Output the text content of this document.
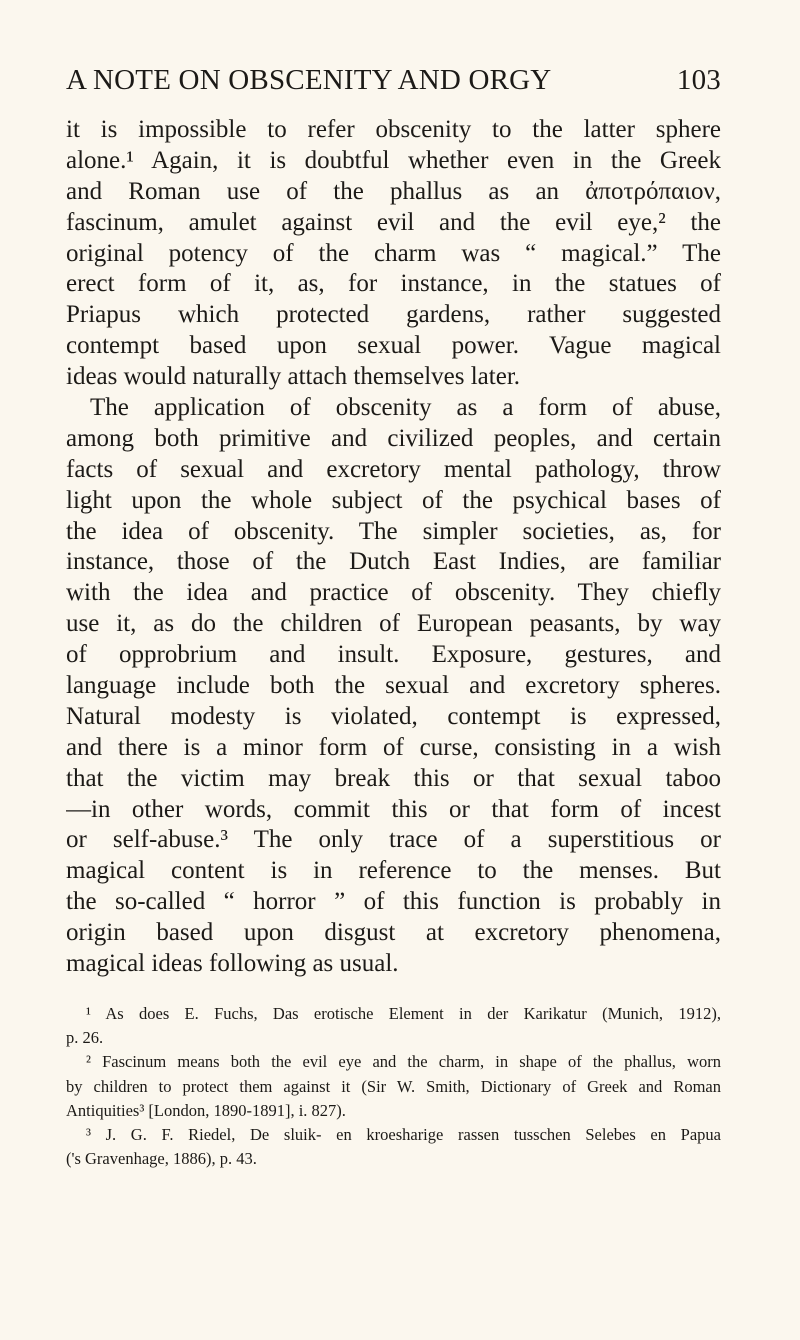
A NOTE ON OBSCENITY AND ORGY	103
it is impossible to refer obscenity to the latter sphere
alone.¹ Again, it is doubtful whether even in the Greek
and Roman use of the phallus as an ἀποτρόπαιον,
fascinum, amulet against evil and the evil eye,² the
original potency of the charm was “ magical.” The
erect form of it, as, for instance, in the statues of
Priapus which protected gardens, rather suggested
contempt based upon sexual power. Vague magical
ideas would naturally attach themselves later.
The application of obscenity as a form of abuse,
among both primitive and civilized peoples, and certain
facts of sexual and excretory mental pathology, throw
light upon the whole subject of the psychical bases of
the idea of obscenity. The simpler societies, as, for
instance, those of the Dutch East Indies, are familiar
with the idea and practice of obscenity. They chiefly
use it, as do the children of European peasants, by way
of opprobrium and insult. Exposure, gestures, and
language include both the sexual and excretory spheres.
Natural modesty is violated, contempt is expressed,
and there is a minor form of curse, consisting in a wish
that the victim may break this or that sexual taboo
—in other words, commit this or that form of incest
or self-abuse.³ The only trace of a superstitious or
magical content is in reference to the menses. But
the so-called “ horror ” of this function is probably in
origin based upon disgust at excretory phenomena,
magical ideas following as usual.
¹ As does E. Fuchs, Das erotische Element in der Karikatur (Munich, 1912),
p. 26.
² Fascinum means both the evil eye and the charm, in shape of the phallus, worn
by children to protect them against it (Sir W. Smith, Dictionary of Greek and Roman
Antiquities³ [London, 1890-1891], i. 827).
³ J. G. F. Riedel, De sluik- en kroesharige rassen tusschen Selebes en Papua
('s Gravenhage, 1886), p. 43.
